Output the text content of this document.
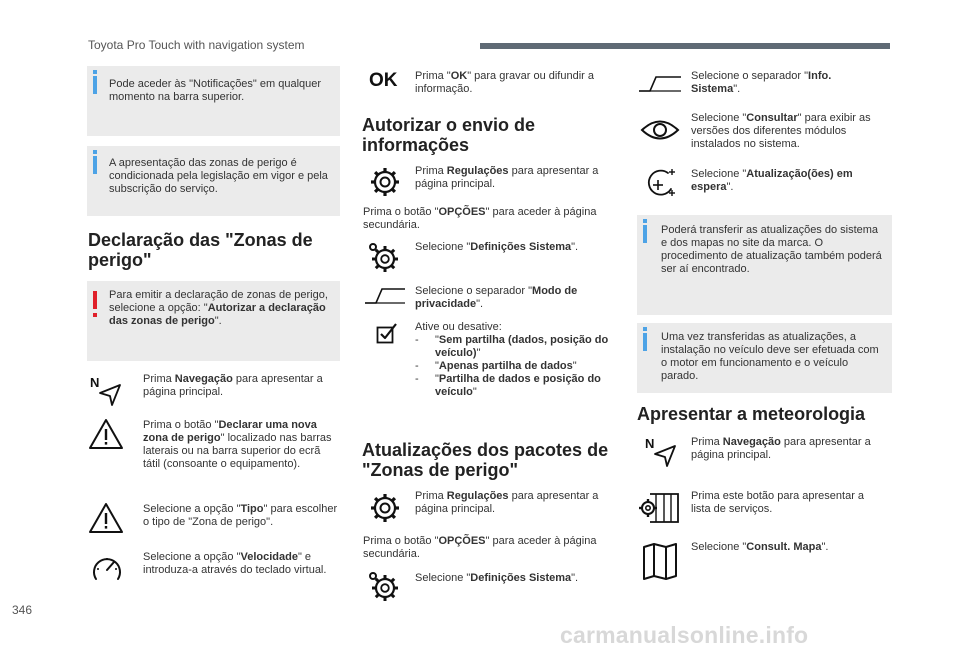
Toyota Pro Touch with navigation system
Pode aceder às "Notificações" em qualquer momento na barra superior.
A apresentação das zonas de perigo é condicionada pela legislação em vigor e pela subscrição do serviço.
Declaração das "Zonas de perigo"
Para emitir a declaração de zonas de perigo, selecione a opção: "Autorizar a declaração das zonas de perigo".
N	Prima Navegação para apresentar a página principal.
Prima o botão "Declarar uma nova zona de perigo" localizado nas barras laterais ou na barra superior do ecrã tátil (consoante o equipamento).
Selecione a opção "Tipo" para escolher o tipo de "Zona de perigo".
Selecione a opção "Velocidade" e introduza-a através do teclado virtual.
OK Prima "OK" para gravar ou difundir a informação.
Autorizar o envio de informações
Prima Regulações para apresentar a página principal.
Prima o botão "OPÇÕES" para aceder à página secundária.
Selecione "Definições Sistema".
Selecione o separador "Modo de privacidade".
Ative ou desative:
-	"Sem partilha (dados, posição do veículo)"
-	"Apenas partilha de dados"
-	"Partilha de dados e posição do veículo"
Atualizações dos pacotes de "Zonas de perigo"
Prima Regulações para apresentar a página principal.
Prima o botão "OPÇÕES" para aceder à página secundária.
Selecione "Definições Sistema".
Selecione o separador "Info. Sistema".
Selecione "Consultar" para exibir as versões dos diferentes módulos instalados no sistema.
Selecione "Atualização(ões) em espera".
Poderá transferir as atualizações do sistema e dos mapas no site da marca. O procedimento de atualização também poderá ser aí encontrado.
Uma vez transferidas as atualizações, a instalação no veículo deve ser efetuada com o motor em funcionamento e o veículo parado.
Apresentar a meteorologia
N	Prima Navegação para apresentar a página principal.
Prima este botão para apresentar a lista de serviços.
Selecione "Consult. Mapa".
346
carmanualsonline.info
